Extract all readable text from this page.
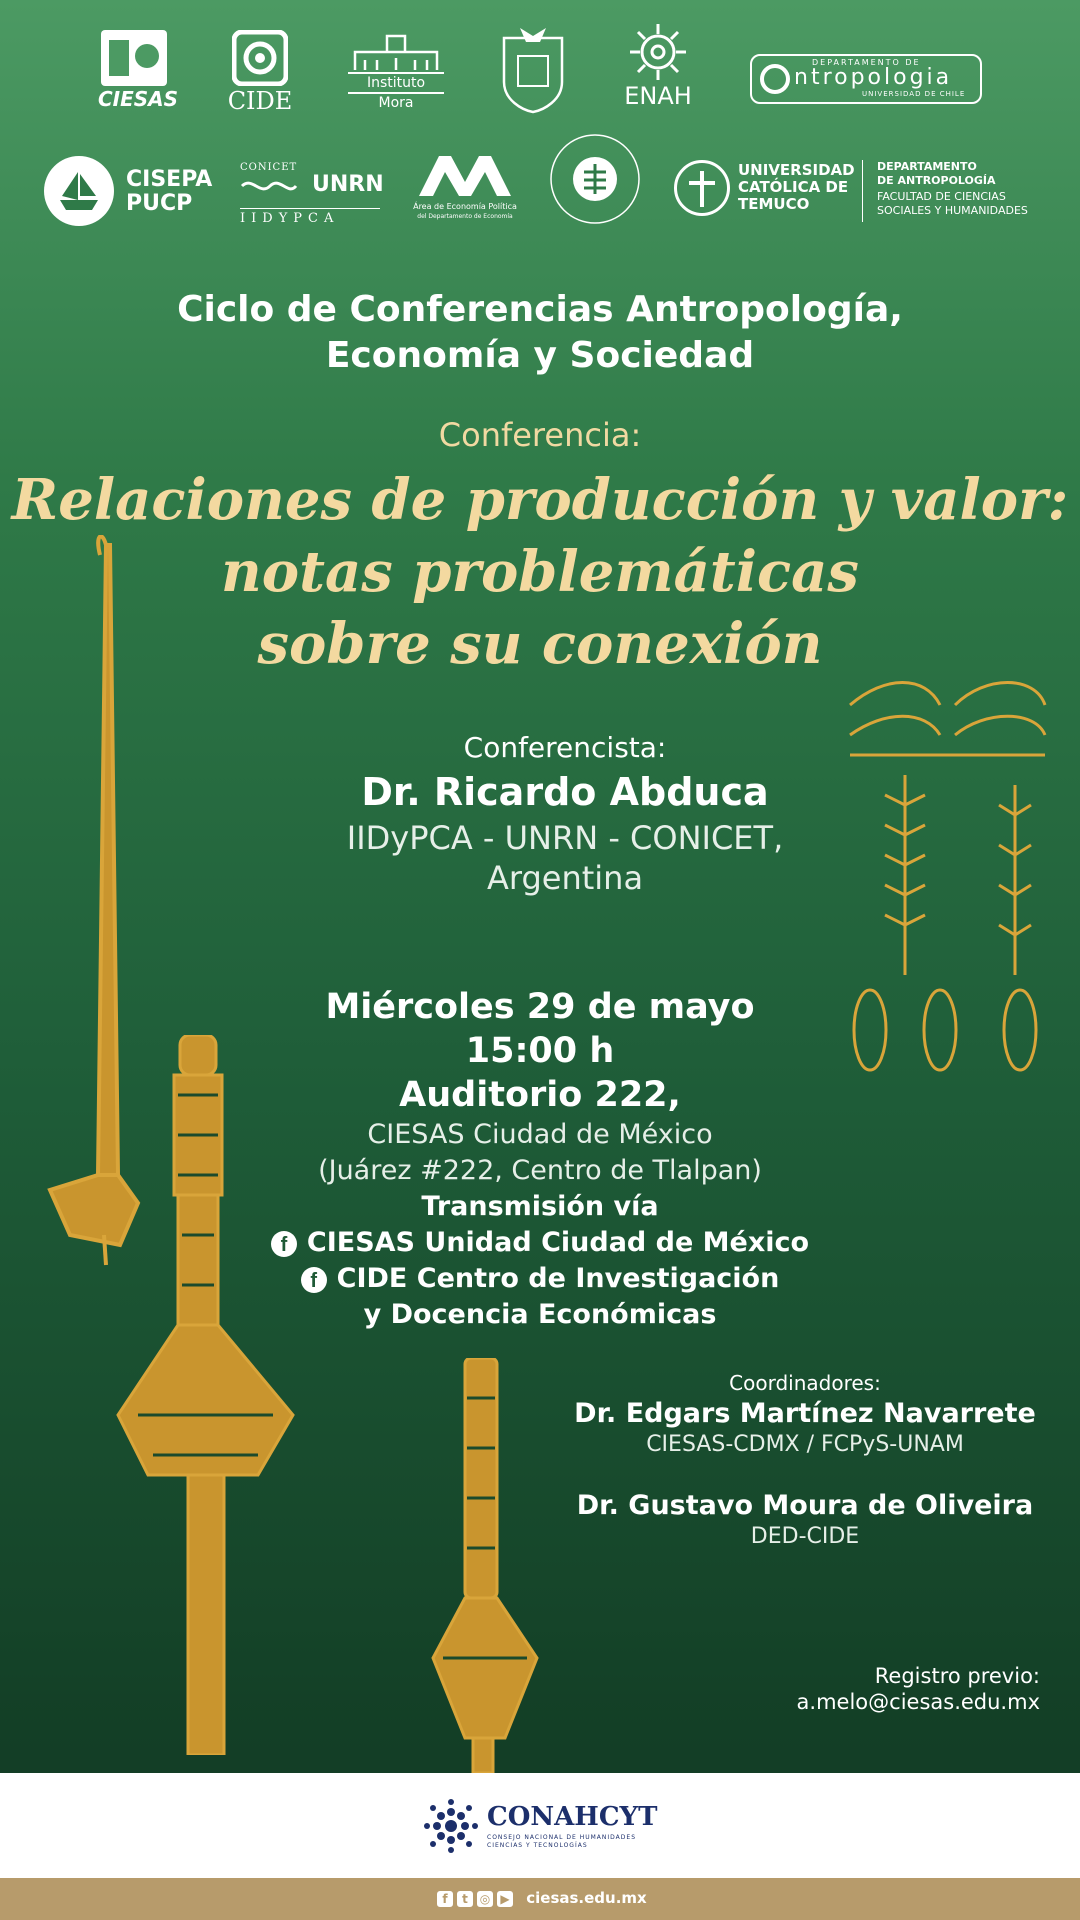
CIESAS CIDE
Instituto
Mora	ENAH
DEPARTAMENTO DE
ntropologia
UNIVERSIDAD DE CHILE
CISEPA
PUCP
CONICET
UNRN
IIDYPCA
Área de Economía Política
del Departamento de Economía
UNIVERSIDAD
CATÓLICA DE
TEMUCO
DEPARTAMENTO
DE ANTROPOLOGÍA
FACULTAD DE CIENCIAS
SOCIALES Y HUMANIDADES
Ciclo de Conferencias Antropología,
Economía y Sociedad
Conferencia:
Relaciones de producción y valor:
notas problemáticas
sobre su conexión
Conferencista:
Dr. Ricardo Abduca
IIDyPCA - UNRN - CONICET,
Argentina
Miércoles 29 de mayo
15:00 h
Auditorio 222,
CIESAS Ciudad de México
(Juárez #222, Centro de Tlalpan)
Transmisión vía
f CIESAS Unidad Ciudad de México
f CIDE Centro de Investigación
y Docencia Económicas
Coordinadores:
Dr. Edgars Martínez Navarrete
CIESAS-CDMX / FCPyS-UNAM
Dr. Gustavo Moura de Oliveira
DED-CIDE
Registro previo:
a.melo@ciesas.edu.mx
CONAHCYT
CONSEJO NACIONAL DE HUMANIDADES
CIENCIAS Y TECNOLOGÍAS
f t ◎ ▶ ciesas.edu.mx
